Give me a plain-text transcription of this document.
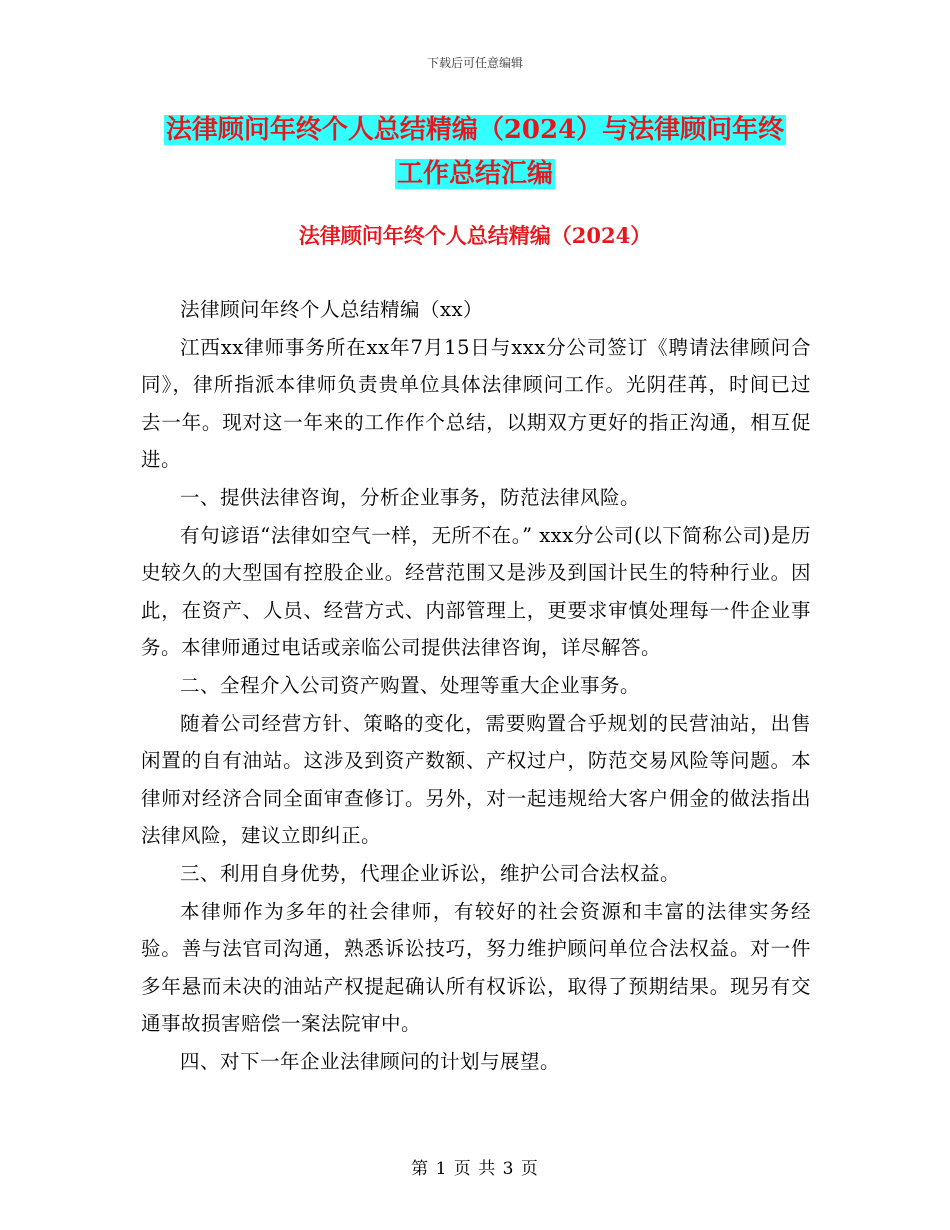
下载后可任意编辑
法律顾问年终个人总结精编（2024）与法律顾问年终
工作总结汇编
法律顾问年终个人总结精编（2024）

法律顾问年终个人总结精编（xx）

江西xx律师事务所在xx年7月15日与xxx分公司签订《聘请法律顾问合同》，律所指派本律师负责贵单位具体法律顾问工作。光阴荏苒，时间已过去一年。现对这一年来的工作作个总结，以期双方更好的指正沟通，相互促进。

一、提供法律咨询，分析企业事务，防范法律风险。

有句谚语“法律如空气一样，无所不在。” xxx分公司(以下简称公司)是历史较久的大型国有控股企业。经营范围又是涉及到国计民生的特种行业。因此，在资产、人员、经营方式、内部管理上，更要求审慎处理每一件企业事务。本律师通过电话或亲临公司提供法律咨询，详尽解答。

二、全程介入公司资产购置、处理等重大企业事务。

随着公司经营方针、策略的变化，需要购置合乎规划的民营油站，出售闲置的自有油站。这涉及到资产数额、产权过户，防范交易风险等问题。本律师对经济合同全面审查修订。另外，对一起违规给大客户佣金的做法指出法律风险，建议立即纠正。

三、利用自身优势，代理企业诉讼，维护公司合法权益。

本律师作为多年的社会律师，有较好的社会资源和丰富的法律实务经验。善与法官司沟通，熟悉诉讼技巧，努力维护顾问单位合法权益。对一件多年悬而未决的油站产权提起确认所有权诉讼，取得了预期结果。现另有交通事故损害赔偿一案法院审中。

四、对下一年企业法律顾问的计划与展望。

第 1 页 共 3 页
